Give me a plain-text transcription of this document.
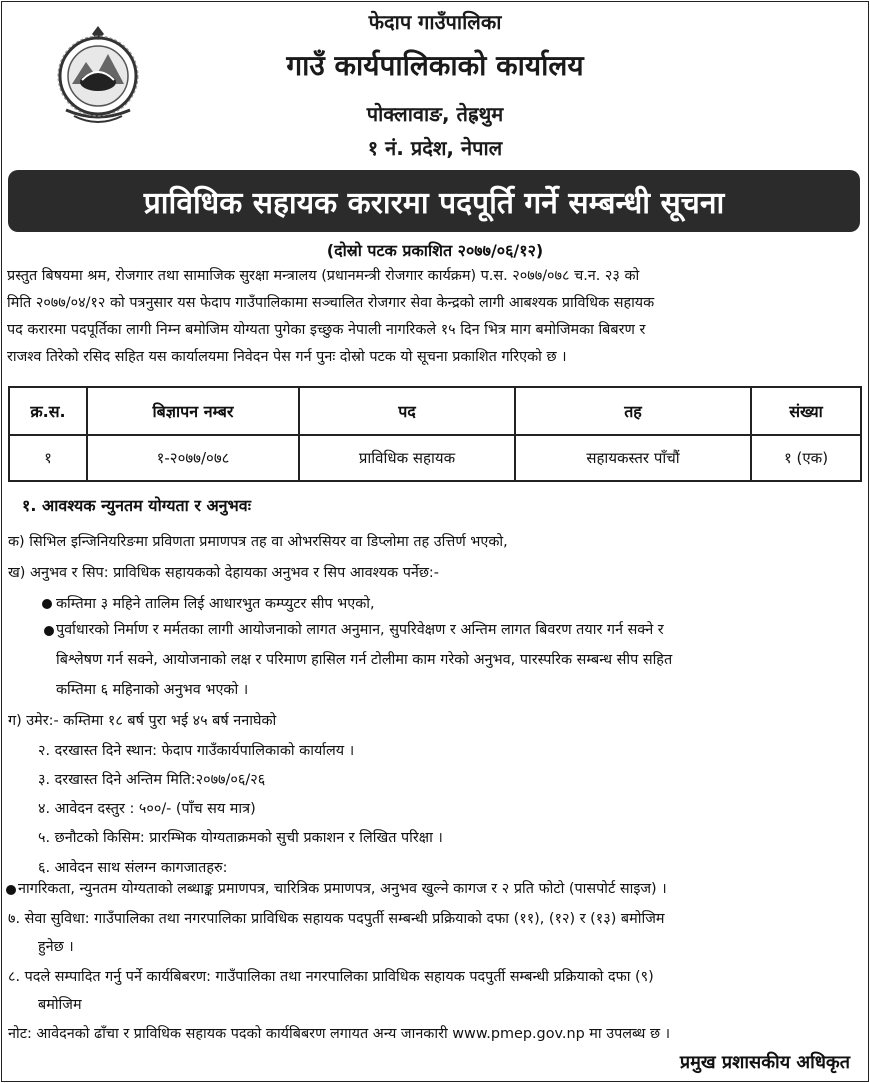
फेदाप गाउँपालिका
गाउँ कार्यपालिकाको कार्यालय
पोक्लावाङ, तेह्रथुम
१ नं. प्रदेश, नेपाल
प्राविधिक सहायक करारमा पदपूर्ति गर्ने सम्बन्धी सूचना
(दोस्रो पटक प्रकाशित २०७७/०६/१२)
प्रस्तुत बिषयमा श्रम, रोजगार तथा सामाजिक सुरक्षा मन्त्रालय (प्रधानमन्त्री रोजगार कार्यक्रम) प.स. २०७७/०७८ च.न. २३ को
मिति २०७७/०४/१२ को पत्रनुसार यस फेदाप गाउँपालिकामा सञ्चालित रोजगार सेवा केन्द्रको लागी आबश्यक प्राविधिक सहायक
पद करारमा पदपूर्तिका लागी निम्न बमोजिम योग्यता पुगेका इच्छुक नेपाली नागरिकले १५ दिन भित्र माग बमोजिमका बिबरण र
राजश्व तिरेको रसिद सहित यस कार्यालयमा निवेदन पेस गर्न पुनः दोस्रो पटक यो सूचना प्रकाशित गरिएको छ ।
क्र.स.	बिज्ञापन नम्बर	पद	तह	संख्या
१	१-२०७७/०७८	प्राविधिक सहायक	सहायकस्तर पाँचौं	१ (एक)
१. आवश्यक न्युनतम योग्यता र अनुभवः
क) सिभिल इन्जिनियरिङमा प्रविणता प्रमाणपत्र तह वा ओभरसियर वा डिप्लोमा तह उत्तिर्ण भएको,
ख) अनुभव र सिप: प्राविधिक सहायकको देहायका अनुभव र सिप आवश्यक पर्नेछ:-
कम्तिमा ३ महिने तालिम लिई आधारभुत कम्प्युटर सीप भएको,
पुर्वाधारको निर्माण र मर्मतका लागी आयोजनाको लागत अनुमान, सुपरिवेक्षण र अन्तिम लागत बिवरण तयार गर्न सक्ने र
बिश्लेषण गर्न सक्ने, आयोजनाको लक्ष र परिमाण हासिल गर्न टोलीमा काम गरेको अनुभव, पारस्परिक सम्बन्ध सीप सहित
कम्तिमा ६ महिनाको अनुभव भएको ।
ग) उमेर:- कम्तिमा १८ बर्ष पुरा भई ४५ बर्ष ननाघेको
२. दरखास्त दिने स्थान: फेदाप गाउँकार्यपालिकाको कार्यालय ।
३. दरखास्त दिने अन्तिम मिति:२०७७/०६/२६
४. आवेदन दस्तुर : ५००/- (पाँच सय मात्र)
५. छनौटको किसिम: प्रारम्भिक योग्यताक्रमको सुची प्रकाशन र लिखित परिक्षा ।
६. आवेदन साथ संलग्न कागजातहरु:
नागरिकता, न्युनतम योग्यताको लब्धाङ्क प्रमाणपत्र, चारित्रिक प्रमाणपत्र, अनुभव खुल्ने कागज र २ प्रति फोटो (पासपोर्ट साइज) ।
७. सेवा सुविधा: गाउँपालिका तथा नगरपालिका प्राविधिक सहायक पदपुर्ती सम्बन्धी प्रक्रियाको दफा (११), (१२) र (१३) बमोजिम
हुनेछ ।
८. पदले सम्पादित गर्नु पर्ने कार्यबिबरण: गाउँपालिका तथा नगरपालिका प्राविधिक सहायक पदपुर्ती सम्बन्धी प्रक्रियाको दफा (९)
बमोजिम
नोट: आवेदनको ढाँचा र प्राविधिक सहायक पदको कार्यबिबरण लगायत अन्य जानकारी www.pmep.gov.np मा उपलब्ध छ ।
प्रमुख प्रशासकीय अधिकृत
